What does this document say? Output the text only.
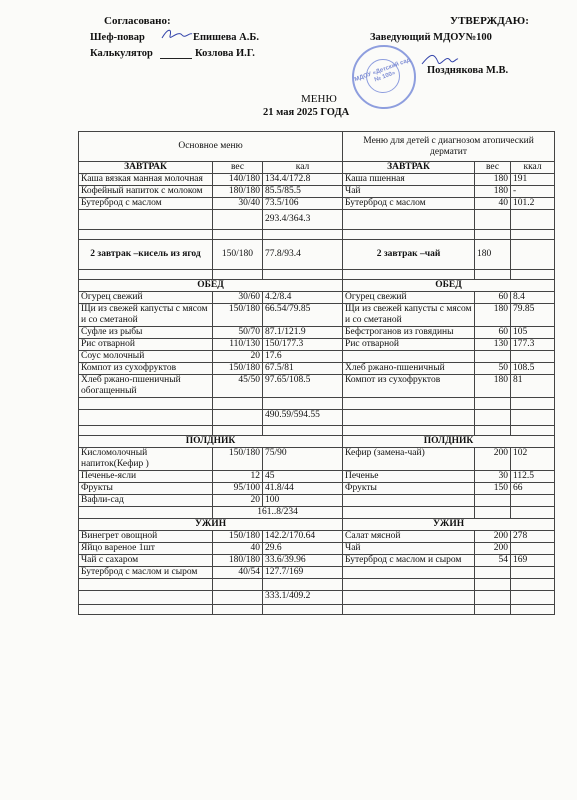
Согласовано:
Шеф-повар	Епишева А.Б.
Калькулятор	Козлова И.Г.
УТВЕРЖДАЮ:
Заведующий МДОУ№100
Позднякова М.В.
МЕНЮ
21 мая 2025 ГОДА
МДОУ «Детский сад № 100»
Основное меню			Меню для детей с диагнозом атопический дерматит		
ЗАВТРАК	вес	кал	ЗАВТРАК	вес	ккал
Каша вязкая манная молочная	140/180	134.4/172.8	Каша пшенная	180	191
Кофейный напиток с молоком	180/180	85.5/85.5	Чай	180	-
Бутерброд с маслом	30/40	73.5/106	Бутерброд с маслом	40	101.2
		293.4/364.3			

2 завтрак –кисель из ягод	150/180	77.8/93.4	2 завтрак –чай	180	

ОБЕД			ОБЕД		
Огурец свежий	30/60	4.2/8.4	Огурец свежий	60	8.4
Щи из свежей капусты с мясом и со сметаной	150/180	66.54/79.85	Щи из свежей капусты с мясом и со сметаной	180	79.85
Суфле из рыбы	50/70	87.1/121.9	Бефстроганов из говядины	60	105
Рис отварной	110/130	150/177.3	Рис отварной	130	177.3
Соус молочный	20	17.6			
Компот из сухофруктов	150/180	67.5/81	Хлеб ржано-пшеничный	50	108.5
Хлеб ржано-пшеничный обогащенный	45/50	97.65/108.5	Компот из сухофруктов	180	81

		490.59/594.55			

ПОЛДНИК			ПОЛДНИК		
Кисломолочный напиток(Кефир )	150/180	75/90	Кефир (замена-чай)	200	102
Печенье-ясли	12	45	Печенье	30	112.5
Фрукты	95/100	41.8/44	Фрукты	150	66
Вафли-сад	20	100			
	161..8/234				
УЖИН			УЖИН		
Винегрет овощной	150/180	142.2/170.64	Салат мясной	200	278
Яйцо вареное 1шт	40	29.6	Чай	200	
Чай с сахаром	180/180	33.6/39.96	Бутерброд с маслом и сыром	54	169
Бутерброд с маслом и сыром	40/54	127.7/169			

		333.1/409.2			
